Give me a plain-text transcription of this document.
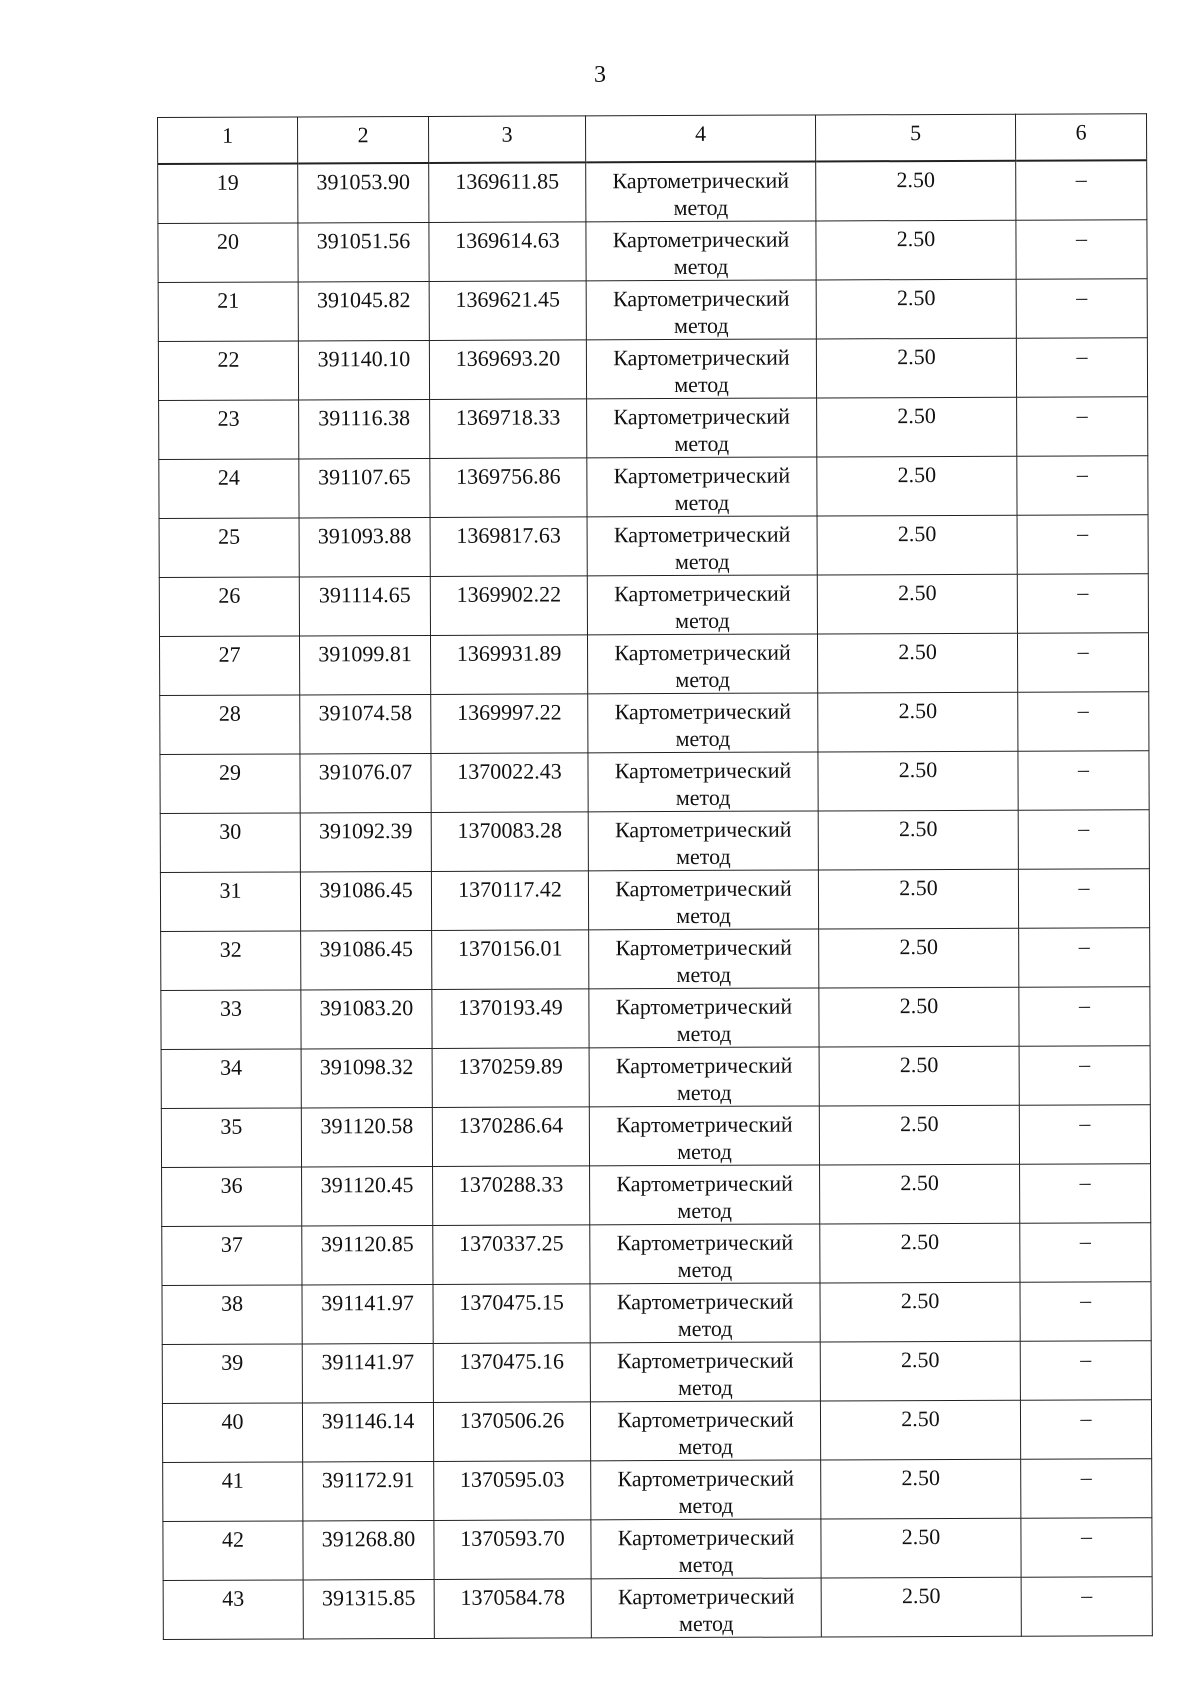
3
1	2	3	4	5	6
19	391053.90	1369611.85	Картометрический
метод	2.50	–
20	391051.56	1369614.63	Картометрический
метод	2.50	–
21	391045.82	1369621.45	Картометрический
метод	2.50	–
22	391140.10	1369693.20	Картометрический
метод	2.50	–
23	391116.38	1369718.33	Картометрический
метод	2.50	–
24	391107.65	1369756.86	Картометрический
метод	2.50	–
25	391093.88	1369817.63	Картометрический
метод	2.50	–
26	391114.65	1369902.22	Картометрический
метод	2.50	–
27	391099.81	1369931.89	Картометрический
метод	2.50	–
28	391074.58	1369997.22	Картометрический
метод	2.50	–
29	391076.07	1370022.43	Картометрический
метод	2.50	–
30	391092.39	1370083.28	Картометрический
метод	2.50	–
31	391086.45	1370117.42	Картометрический
метод	2.50	–
32	391086.45	1370156.01	Картометрический
метод	2.50	–
33	391083.20	1370193.49	Картометрический
метод	2.50	–
34	391098.32	1370259.89	Картометрический
метод	2.50	–
35	391120.58	1370286.64	Картометрический
метод	2.50	–
36	391120.45	1370288.33	Картометрический
метод	2.50	–
37	391120.85	1370337.25	Картометрический
метод	2.50	–
38	391141.97	1370475.15	Картометрический
метод	2.50	–
39	391141.97	1370475.16	Картометрический
метод	2.50	–
40	391146.14	1370506.26	Картометрический
метод	2.50	–
41	391172.91	1370595.03	Картометрический
метод	2.50	–
42	391268.80	1370593.70	Картометрический
метод	2.50	–
43	391315.85	1370584.78	Картометрический
метод	2.50	–
